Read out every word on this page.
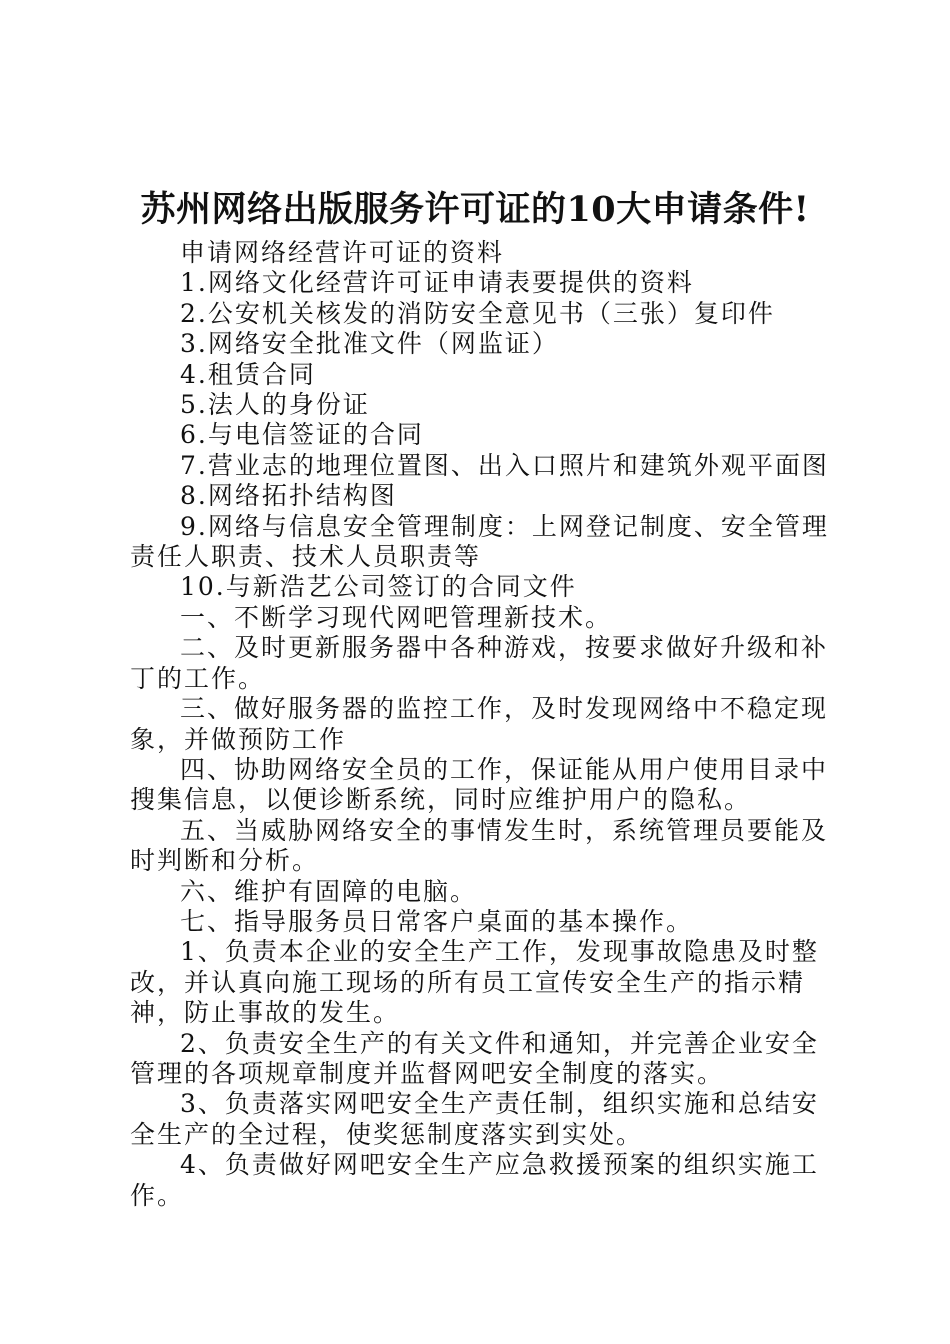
苏州网络出版服务许可证的10大申请条件!

申请网络经营许可证的资料

1.网络文化经营许可证申请表要提供的资料

2.公安机关核发的消防安全意见书（三张）复印件

3.网络安全批准文件（网监证）

4.租赁合同

5.法人的身份证

6.与电信签证的合同

7.营业志的地理位置图、出入口照片和建筑外观平面图

8.网络拓扑结构图

9.网络与信息安全管理制度：上网登记制度、安全管理责任人职责、技术人员职责等

10.与新浩艺公司签订的合同文件

一、不断学习现代网吧管理新技术。

二、及时更新服务器中各种游戏，按要求做好升级和补丁的工作。

三、做好服务器的监控工作，及时发现网络中不稳定现象，并做预防工作

四、协助网络安全员的工作，保证能从用户使用目录中搜集信息，以便诊断系统，同时应维护用户的隐私。

五、当威胁网络安全的事情发生时，系统管理员要能及时判断和分析。

六、维护有固障的电脑。

七、指导服务员日常客户桌面的基本操作。

1、负责本企业的安全生产工作，发现事故隐患及时整改，并认真向施工现场的所有员工宣传安全生产的指示精神，防止事故的发生。

2、负责安全生产的有关文件和通知，并完善企业安全管理的各项规章制度并监督网吧安全制度的落实。

3、负责落实网吧安全生产责任制，组织实施和总结安全生产的全过程，使奖惩制度落实到实处。

4、负责做好网吧安全生产应急救援预案的组织实施工作。
